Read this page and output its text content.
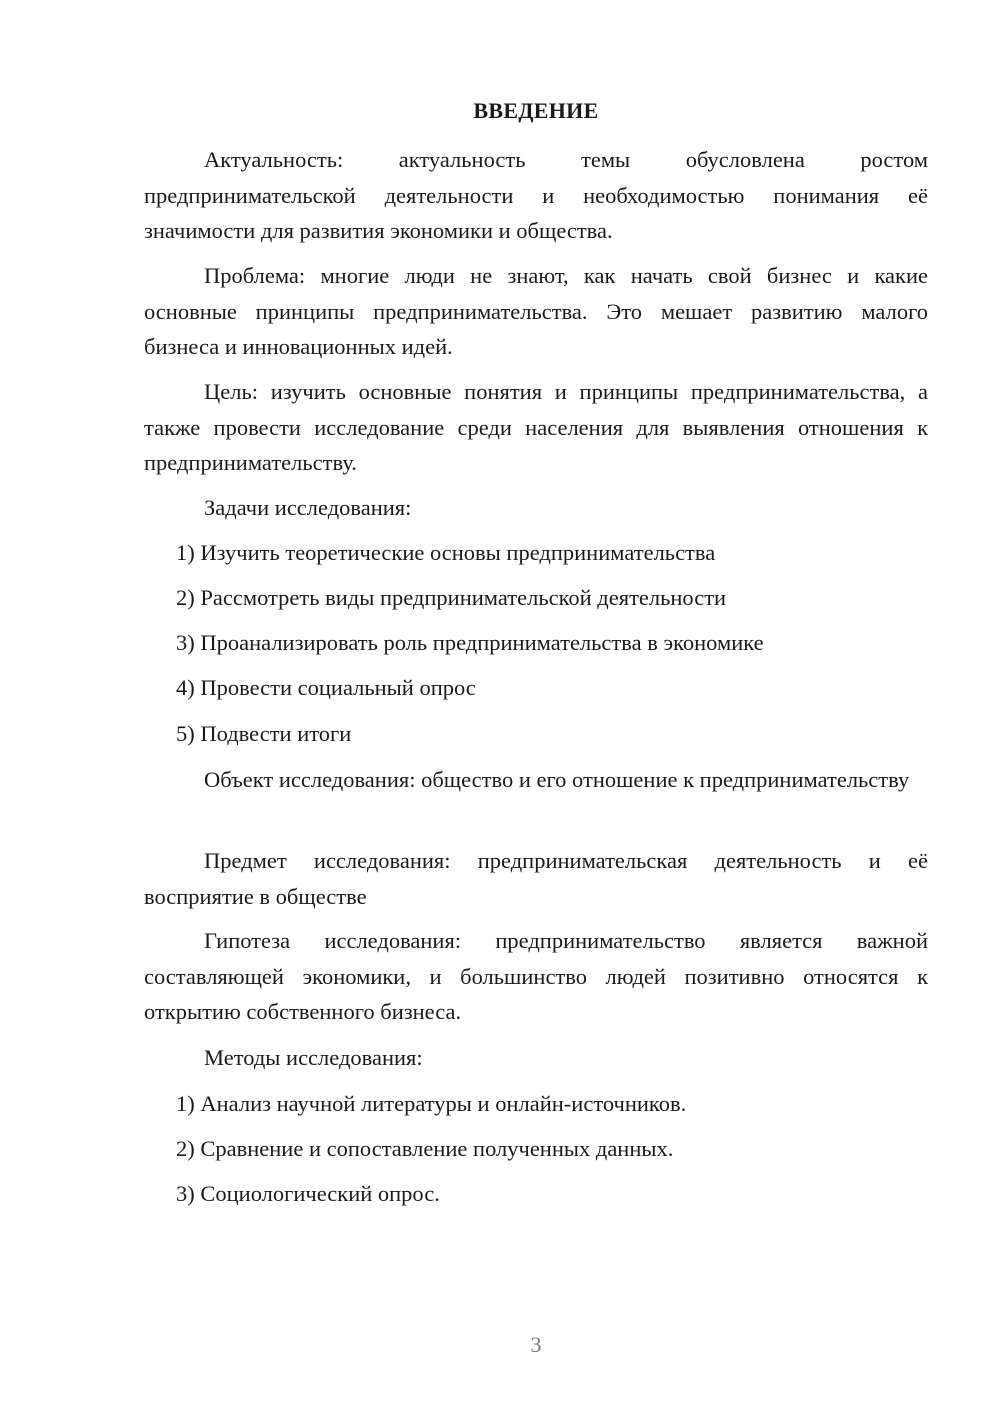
ВВЕДЕНИЕ

Актуальность: актуальность темы обусловлена ростом предпринимательской деятельности и необходимостью понимания её значимости для развития экономики и общества.

Проблема: многие люди не знают, как начать свой бизнес и какие основные принципы предпринимательства. Это мешает развитию малого бизнеса и инновационных идей.

Цель: изучить основные понятия и принципы предпринимательства, а также провести исследование среди населения для выявления отношения к предпринимательству.

Задачи исследования:

1) Изучить теоретические основы предпринимательства

2) Рассмотреть виды предпринимательской деятельности

3) Проанализировать роль предпринимательства в экономике

4) Провести социальный опрос

5) Подвести итоги

Объект исследования: общество и его отношение к предпринимательству

Предмет исследования: предпринимательская деятельность и её восприятие в обществе

Гипотеза исследования: предпринимательство является важной составляющей экономики, и большинство людей позитивно относятся к открытию собственного бизнеса.

Методы исследования:

1) Анализ научной литературы и онлайн-источников.

2) Сравнение и сопоставление полученных данных.

3) Социологический опрос.

3
